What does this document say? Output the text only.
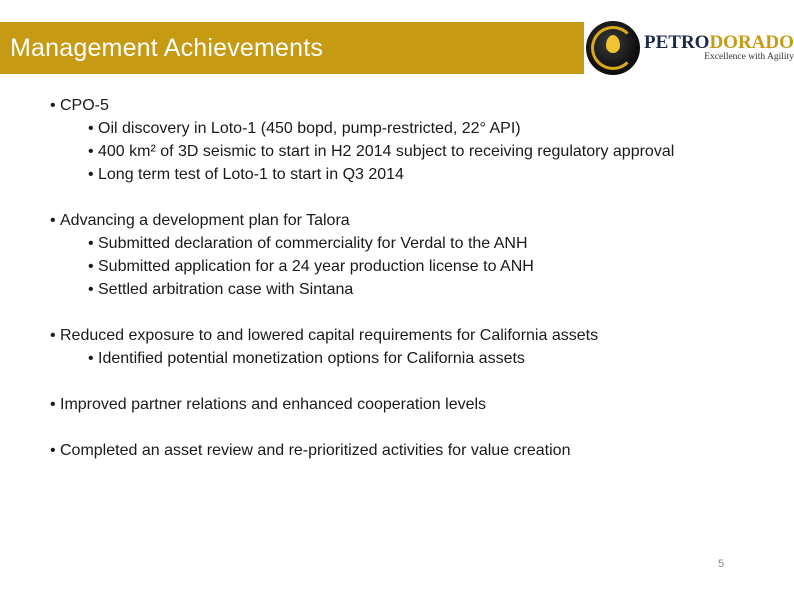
Management Achievements	PETRODORADO
Excellence with Agility
• CPO-5
• Oil discovery in Loto-1 (450 bopd, pump-restricted, 22° API)
• 400 km² of 3D seismic to start in H2 2014 subject to receiving regulatory approval
• Long term test of Loto-1 to start in Q3 2014
• Advancing a development plan for Talora
• Submitted declaration of commerciality for Verdal to the ANH
• Submitted application for a 24 year production license to ANH
• Settled arbitration case with Sintana
• Reduced exposure to and lowered capital requirements for California assets
• Identified potential monetization options for California assets
• Improved partner relations and enhanced cooperation levels
• Completed an asset review and re-prioritized activities for value creation
5
